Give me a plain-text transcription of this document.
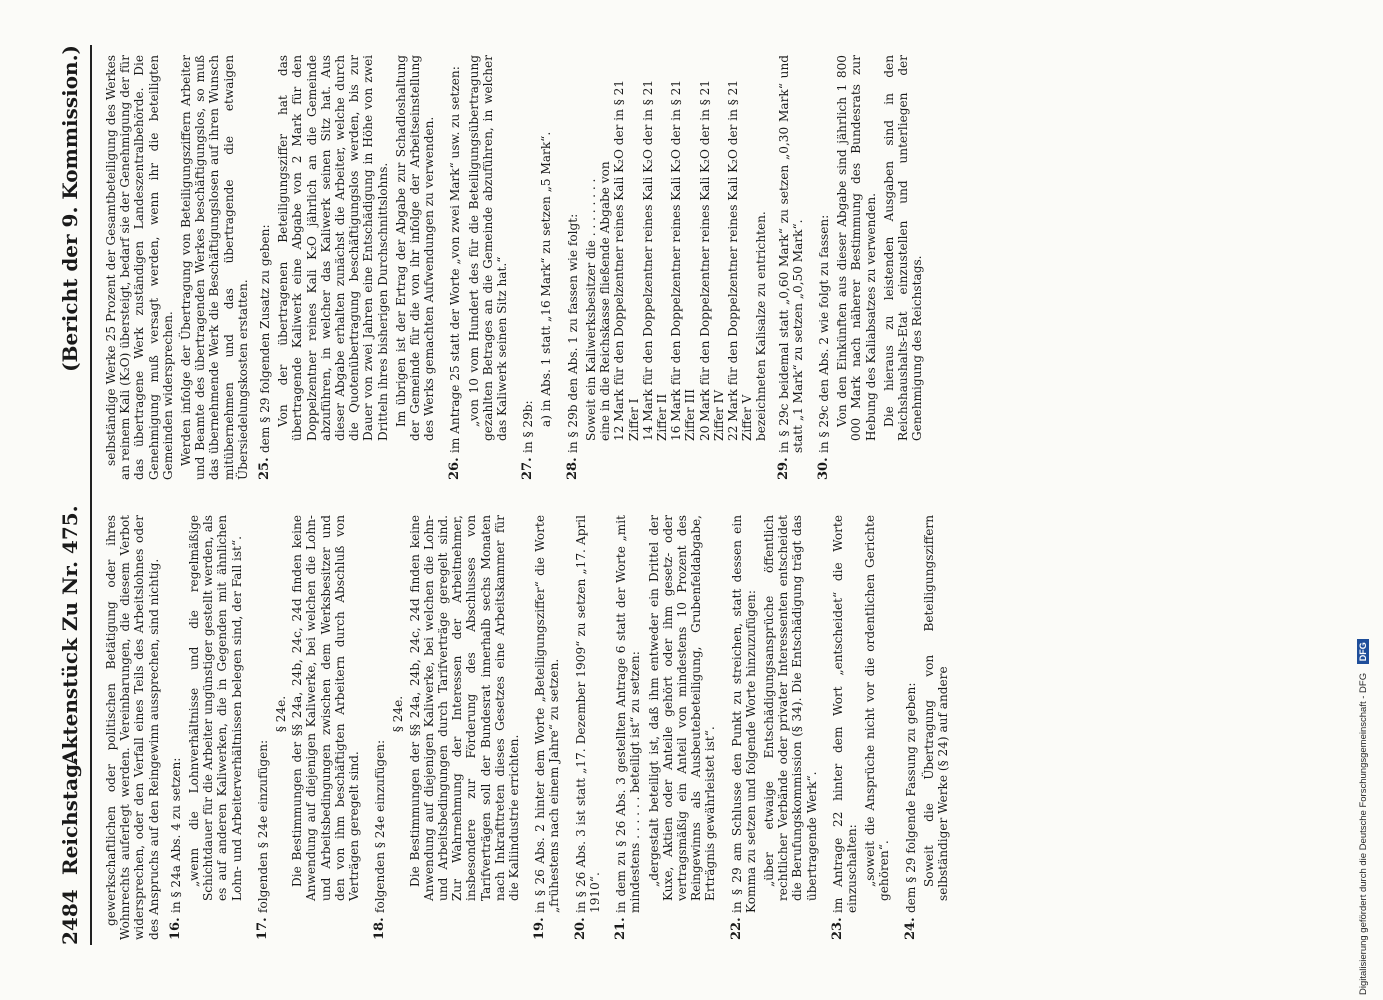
2484
Reichstag.
Aktenstück Zu Nr. 475.
(Bericht der 9. Kommission.)

gewerkschaftlichen oder politischen Betätigung oder ihres Wohnrechts auferlegt werden. Vereinbarungen, die diesem Verbot widersprechen, oder den Verfall eines Teils des Arbeitslohnes oder des Anspruchs auf den Reingewinn aussprechen, sind nichtig. 16.

in § 24a Abs. 4 zu setzen: „wenn die Lohnverhältnisse und die regelmäßige Schichtdauer für die Arbeiter ungünstiger gestellt werden, als es auf anderen Kaliwerken, die in Gegenden mit ähnlichen Lohn- und Arbeiterverhältnissen belegen sind, der Fall ist“.

17.

folgenden § 24e einzufügen:

§ 24e. Die Bestimmungen der §§ 24a, 24b, 24c, 24d finden keine Anwendung auf diejenigen Kaliwerke, bei welchen die Lohn- und Arbeitsbedingungen zwischen dem Werksbesitzer und den von ihm beschäftigten Arbeitern durch Abschluß von Verträgen geregelt sind.

18.

folgenden § 24e einzufügen:

§ 24e. Die Bestimmungen der §§ 24a, 24b, 24c, 24d finden keine Anwendung auf diejenigen Kaliwerke, bei welchen die Lohn- und Arbeitsbedingungen durch Tarifverträge geregelt sind. Zur Wahrnehmung der Interessen der Arbeitnehmer, insbesondere zur Förderung des Abschlusses von Tarifverträgen soll der Bundesrat innerhalb sechs Monaten nach Inkrafttreten dieses Gesetzes eine Arbeitskammer für die Kaliindustrie errichten.

19.

in § 26 Abs. 2 hinter dem Worte „Beteiligungsziffer“ die Worte „frühestens nach einem Jahre“ zu setzen.

20.

in § 26 Abs. 3 ist statt „17. Dezember 1909“ zu setzen „17. April 1910“.

21.

in dem zu § 26 Abs. 3 gestellten Antrage 6 statt der Worte „mit mindestens . . . . . . beteiligt ist“ zu setzen: „dergestalt beteiligt ist, daß ihm entweder ein Drittel der Kuxe, Aktien oder Anteile gehört oder ihm gesetz- oder vertragsmäßig ein Anteil von mindestens 10 Prozent des Reingewinns als Ausbeutebeteiligung, Grubenfeldabgabe, Erträgnis gewährleistet ist“.

22.

in § 29 am Schlusse den Punkt zu streichen, statt dessen ein Komma zu setzen und folgende Worte hinzuzufügen: „über etwaige Entschädigungsansprüche öffentlich rechtlicher Verbände oder privater Interessenten entscheidet die Berufungskommission (§ 34). Die Entschädigung trägt das übertragende Werk“.

23.

im Antrage 22 hinter dem Wort „entscheidet“ die Worte einzuschalten: „soweit die Ansprüche nicht vor die ordentlichen Gerichte gehören“.

24.

dem § 29 folgende Fassung zu geben: Soweit die Übertragung von Beteiligungsziffern selbständiger Werke (§ 24) auf andere

selbständige Werke 25 Prozent der Gesamtbeteiligung des Werkes an reinem Kali (K₂O) übersteigt, bedarf sie der Genehmigung der für das übertragene Werk zuständigen Landeszentralbehörde. Die Genehmigung muß versagt werden, wenn ihr die beteiligten Gemeinden widersprechen. Werden infolge der Übertragung von Beteiligungsziffern Arbeiter und Beamte des übertragenden Werkes beschäftigungslos, so muß das übernehmende Werk die Beschäftigungslosen auf ihren Wunsch mitübernehmen und das übertragende die etwaigen Übersiedelungskosten erstatten. 25.

dem § 29 folgenden Zusatz zu geben: Von der übertragenen Beteiligungsziffer hat das übertragende Kaliwerk eine Abgabe von 2 Mark für den Doppelzentner reines Kali K₂O jährlich an die Gemeinde abzuführen, in welcher das Kaliwerk seinen Sitz hat. Aus dieser Abgabe erhalten zunächst die Arbeiter, welche durch die Quotenübertragung beschäftigungslos werden, bis zur Dauer von zwei Jahren eine Entschädigung in Höhe von zwei Dritteln ihres bisherigen Durchschnittslohns. Im übrigen ist der Ertrag der Abgabe zur Schadloshaltung der Gemeinde für die von ihr infolge der Arbeitseinstellung des Werks gemachten Aufwendungen zu verwenden.

26.

im Antrage 25 statt der Worte „von zwei Mark“ usw. zu setzen: „von 10 vom Hundert des für die Beteiligungsübertragung gezahlten Betrages an die Gemeinde abzuführen, in welcher das Kaliwerk seinen Sitz hat.“

27.

in § 29b: a) in Abs. 1 statt „16 Mark“ zu setzen „5 Mark“.

28.

in § 29b den Abs. 1 zu fassen wie folgt: Soweit ein Kaliwerksbesitzer die . . . . . . . . eine in die Reichskasse fließende Abgabe von 12 Mark für den Doppelzentner reines Kali K₂O der in § 21 Ziffer I 14 Mark für den Doppelzentner reines Kali K₂O der in § 21 Ziffer II 16 Mark für den Doppelzentner reines Kali K₂O der in § 21 Ziffer III 20 Mark für den Doppelzentner reines Kali K₂O der in § 21 Ziffer IV 22 Mark für den Doppelzentner reines Kali K₂O der in § 21 Ziffer V bezeichneten Kalisalze zu entrichten.
29.

in § 29c beidemal statt „0,60 Mark“ zu setzen „0,30 Mark“ und statt „1 Mark“ zu setzen „0,50 Mark“.

30.

in § 29c den Abs. 2 wie folgt zu fassen: Von den Einkünften aus dieser Abgabe sind jährlich 1 800 000 Mark nach näherer Bestimmung des Bundesrats zur Hebung des Kaliabsatzes zu verwenden. Die hieraus zu leistenden Ausgaben sind in den Reichshaushalts-Etat einzustellen und unterliegen der Genehmigung des Reichstags.

Digitalisierung gefördert durch die Deutsche Forschungsgemeinschaft - DFG DFG
